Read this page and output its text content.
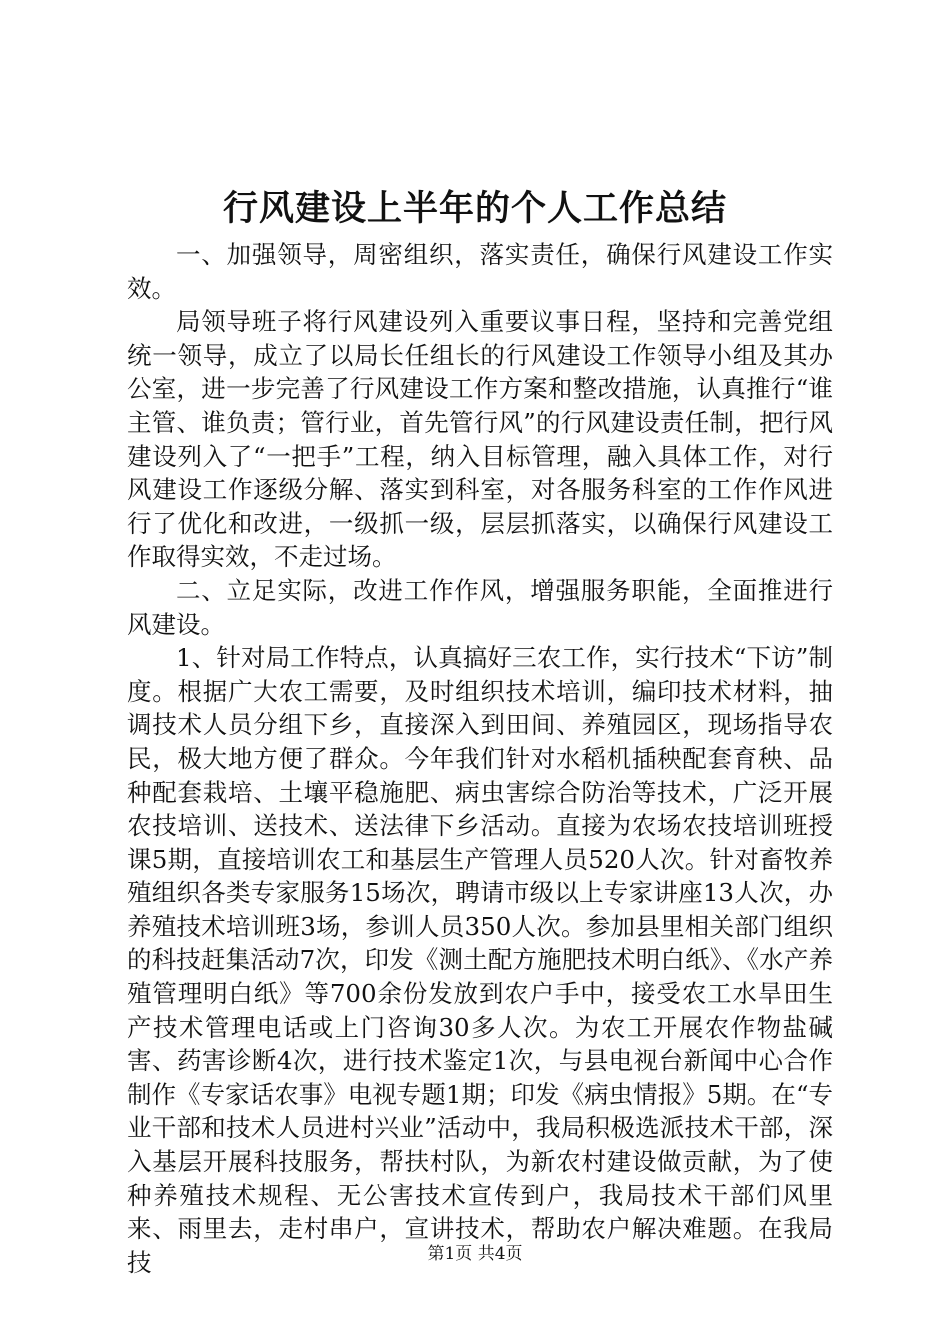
行风建设上半年的个人工作总结

一、加强领导，周密组织，落实责任，确保行风建设工作实效。

局领导班子将行风建设列入重要议事日程，坚持和完善党组统一领导，成立了以局长任组长的行风建设工作领导小组及其办公室，进一步完善了行风建设工作方案和整改措施，认真推行“谁主管、谁负责；管行业，首先管行风”的行风建设责任制，把行风建设列入了“一把手”工程，纳入目标管理，融入具体工作，对行风建设工作逐级分解、落实到科室，对各服务科室的工作作风进行了优化和改进，一级抓一级，层层抓落实，以确保行风建设工作取得实效，不走过场。

二、立足实际，改进工作作风，增强服务职能，全面推进行风建设。

1、针对局工作特点，认真搞好三农工作，实行技术“下访”制度。根据广大农工需要，及时组织技术培训，编印技术材料，抽调技术人员分组下乡，直接深入到田间、养殖园区，现场指导农民，极大地方便了群众。今年我们针对水稻机插秧配套育秧、品种配套栽培、土壤平稳施肥、病虫害综合防治等技术，广泛开展农技培训、送技术、送法律下乡活动。直接为农场农技培训班授课5期，直接培训农工和基层生产管理人员520人次。针对畜牧养殖组织各类专家服务15场次，聘请市级以上专家讲座13人次，办养殖技术培训班3场，参训人员350人次。参加县里相关部门组织的科技赶集活动7次，印发《测土配方施肥技术明白纸》、《水产养殖管理明白纸》等700余份发放到农户手中，接受农工水旱田生产技术管理电话或上门咨询30多人次。为农工开展农作物盐碱害、药害诊断4次，进行技术鉴定1次，与县电视台新闻中心合作制作《专家话农事》电视专题1期；印发《病虫情报》5期。在“专业干部和技术人员进村兴业”活动中，我局积极选派技术干部，深入基层开展科技服务，帮扶村队，为新农村建设做贡献，为了使种养殖技术规程、无公害技术宣传到户，我局技术干部们风里来、雨里去，走村串户，宣讲技术，帮助农户解决难题。在我局技	第1页 共4页
